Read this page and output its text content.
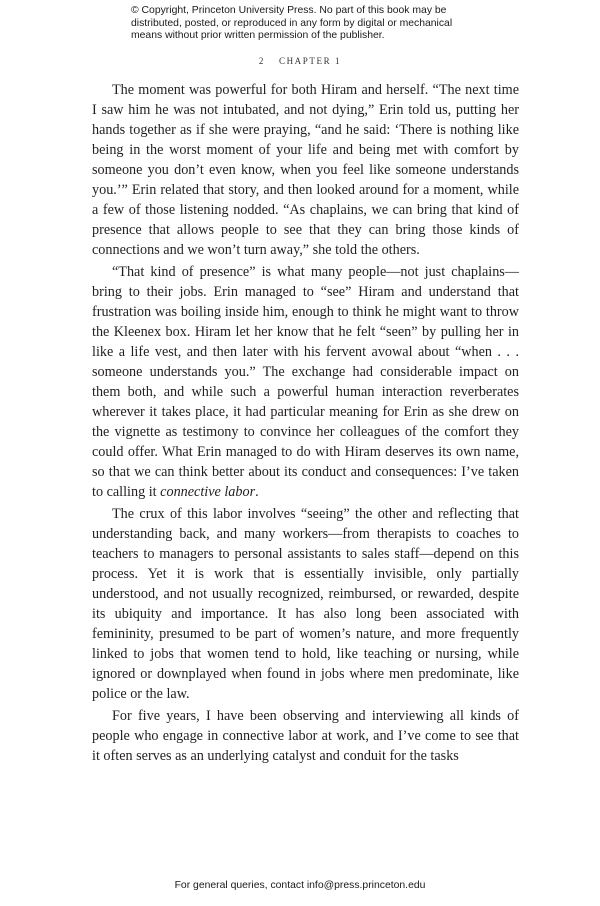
© Copyright, Princeton University Press. No part of this book may be
distributed, posted, or reproduced in any form by digital or mechanical
means without prior written permission of the publisher.
2 CHAPTER 1

The moment was powerful for both Hiram and herself. “The next time I saw him he was not intubated, and not dying,” Erin told us, putting her hands together as if she were praying, “and he said: ‘There is nothing like being in the worst moment of your life and being met with comfort by someone you don’t even know, when you feel like someone understands you.’” Erin related that story, and then looked around for a moment, while a few of those listening nodded. “As chaplains, we can bring that kind of presence that allows people to see that they can bring those kinds of connections and we won’t turn away,” she told the others.

“That kind of presence” is what many people—not just chaplains—bring to their jobs. Erin managed to “see” Hiram and understand that frustration was boiling inside him, enough to think he might want to throw the Kleenex box. Hiram let her know that he felt “seen” by pulling her in like a life vest, and then later with his fervent avowal about “when . . . someone understands you.” The exchange had considerable impact on them both, and while such a powerful human interaction reverberates wherever it takes place, it had particular meaning for Erin as she drew on the vignette as testimony to convince her colleagues of the comfort they could offer. What Erin managed to do with Hiram deserves its own name, so that we can think better about its conduct and consequences: I’ve taken to calling it connective labor.

The crux of this labor involves “seeing” the other and reflecting that understanding back, and many workers—from therapists to coaches to teachers to managers to personal assistants to sales staff—depend on this process. Yet it is work that is essentially invisible, only partially understood, and not usually recognized, reimbursed, or rewarded, despite its ubiquity and importance. It has also long been associated with femininity, presumed to be part of women’s nature, and more frequently linked to jobs that women tend to hold, like teaching or nursing, while ignored or downplayed when found in jobs where men predominate, like police or the law.

For five years, I have been observing and interviewing all kinds of people who engage in connective labor at work, and I’ve come to see that it often serves as an underlying catalyst and conduit for the tasks

For general queries, contact info@press.princeton.edu
